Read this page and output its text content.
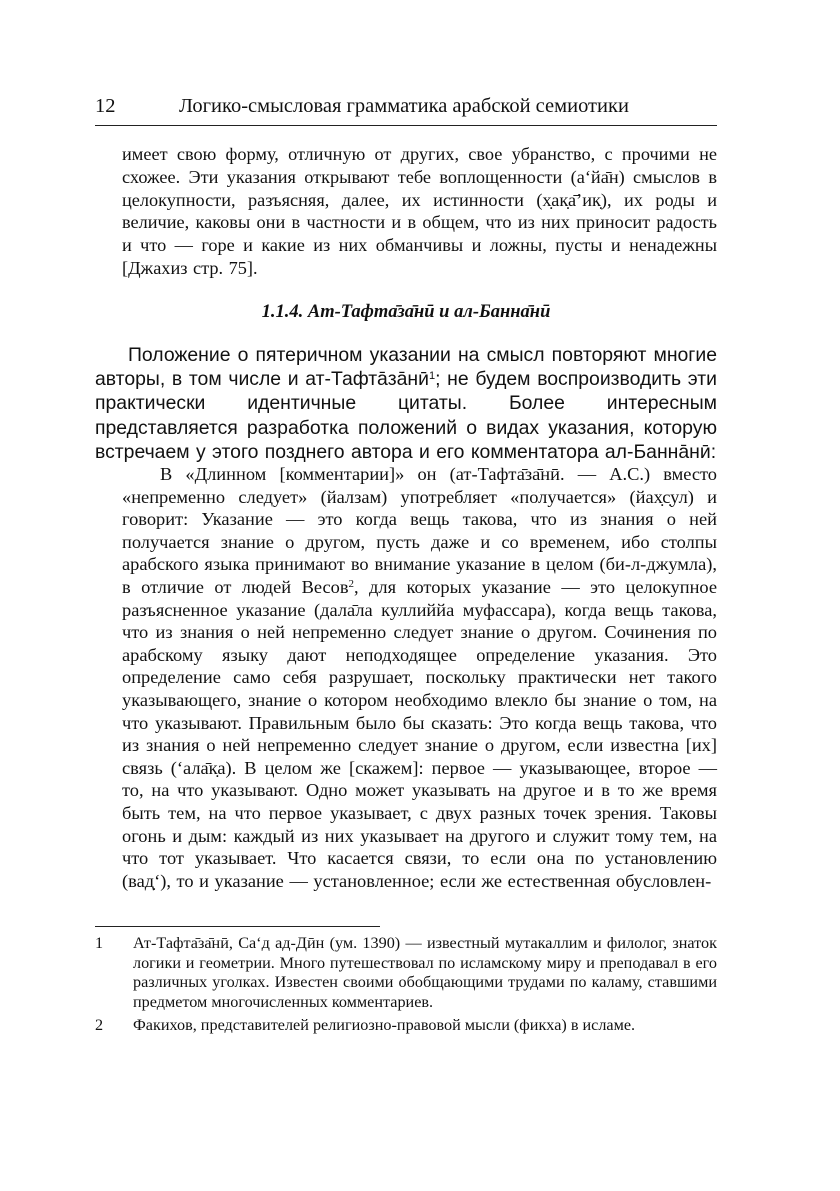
12	Логико-смысловая грамматика арабской семиотики

имеет свою форму, отличную от других, свое убранство, с прочими не схожее. Эти указания открывают тебе воплощенности (а‘йа̄н) смыслов в целокупности, разъясняя, далее, их истинности (х̣ак̣а̄’ик̣), их роды и величие, каковы они в частности и в общем, что из них приносит радость и что — горе и какие из них обманчивы и ложны, пусты и ненадежны [Джахиз стр. 75].

1.1.4. Ат-Тафта̄за̄нӣ и ал-Банна̄нӣ

Положение о пятеричном указании на смысл повторяют многие авторы, в том числе и $ат-Тафта̄за̄нӣ^1$; не будем воспроизводить эти практически идентичные цитаты. Более интересным представляется разработка положений о видах указания, которую встречаем у этого позднего автора и его комментатора ал-Банна̄нӣ:

В «Длинном [комментарии]» он (ат-Тафта̄за̄нӣ. — А.С.) вместо «непременно следует» (йалзам) употребляет «получается» (йах̣с̣ул) и говорит: Указание — это когда вещь такова, что из знания о ней получается знание о другом, пусть даже и со временем, ибо столпы арабского языка принимают во внимание указание в целом (би-л-джумла), в отличие от людей Весов$^2$, для которых указание — это целокупное разъясненное указание (дала̄ла куллиййа муфассара), когда вещь такова, что из знания о ней непременно следует знание о другом. Сочинения по арабскому языку дают неподходящее определение указания. Это определение само себя разрушает, поскольку практически нет такого указывающего, знание о котором необходимо влекло бы знание о том, на что указывают. Правильным было бы сказать: Это когда вещь такова, что из знания о ней непременно следует знание о другом, если известна [их] связь (‘ала̄к̣а). В целом же [скажем]: первое — указывающее, второе — то, на что указывают. Одно может указывать на другое и в то же время быть тем, на что первое указывает, с двух разных точек зрения. Таковы огонь и дым: каждый из них указывает на другого и служит тому тем, на что тот указывает. Что касается связи, то если она по установлению (вад̣‘), то и указание — установленное; если же естественная обусловлен-

1 Ат-Тафта̄за̄нӣ, Са‘д ад-Дӣн (ум. 1390) — известный мутакаллим и филолог, знаток логики и геометрии. Много путешествовал по исламскому миру и преподавал в его различных уголках. Известен своими обобщающими трудами по каламу, ставшими предметом многочисленных комментариев.
2 Факихов, представителей религиозно-правовой мысли (фикха) в исламе.
